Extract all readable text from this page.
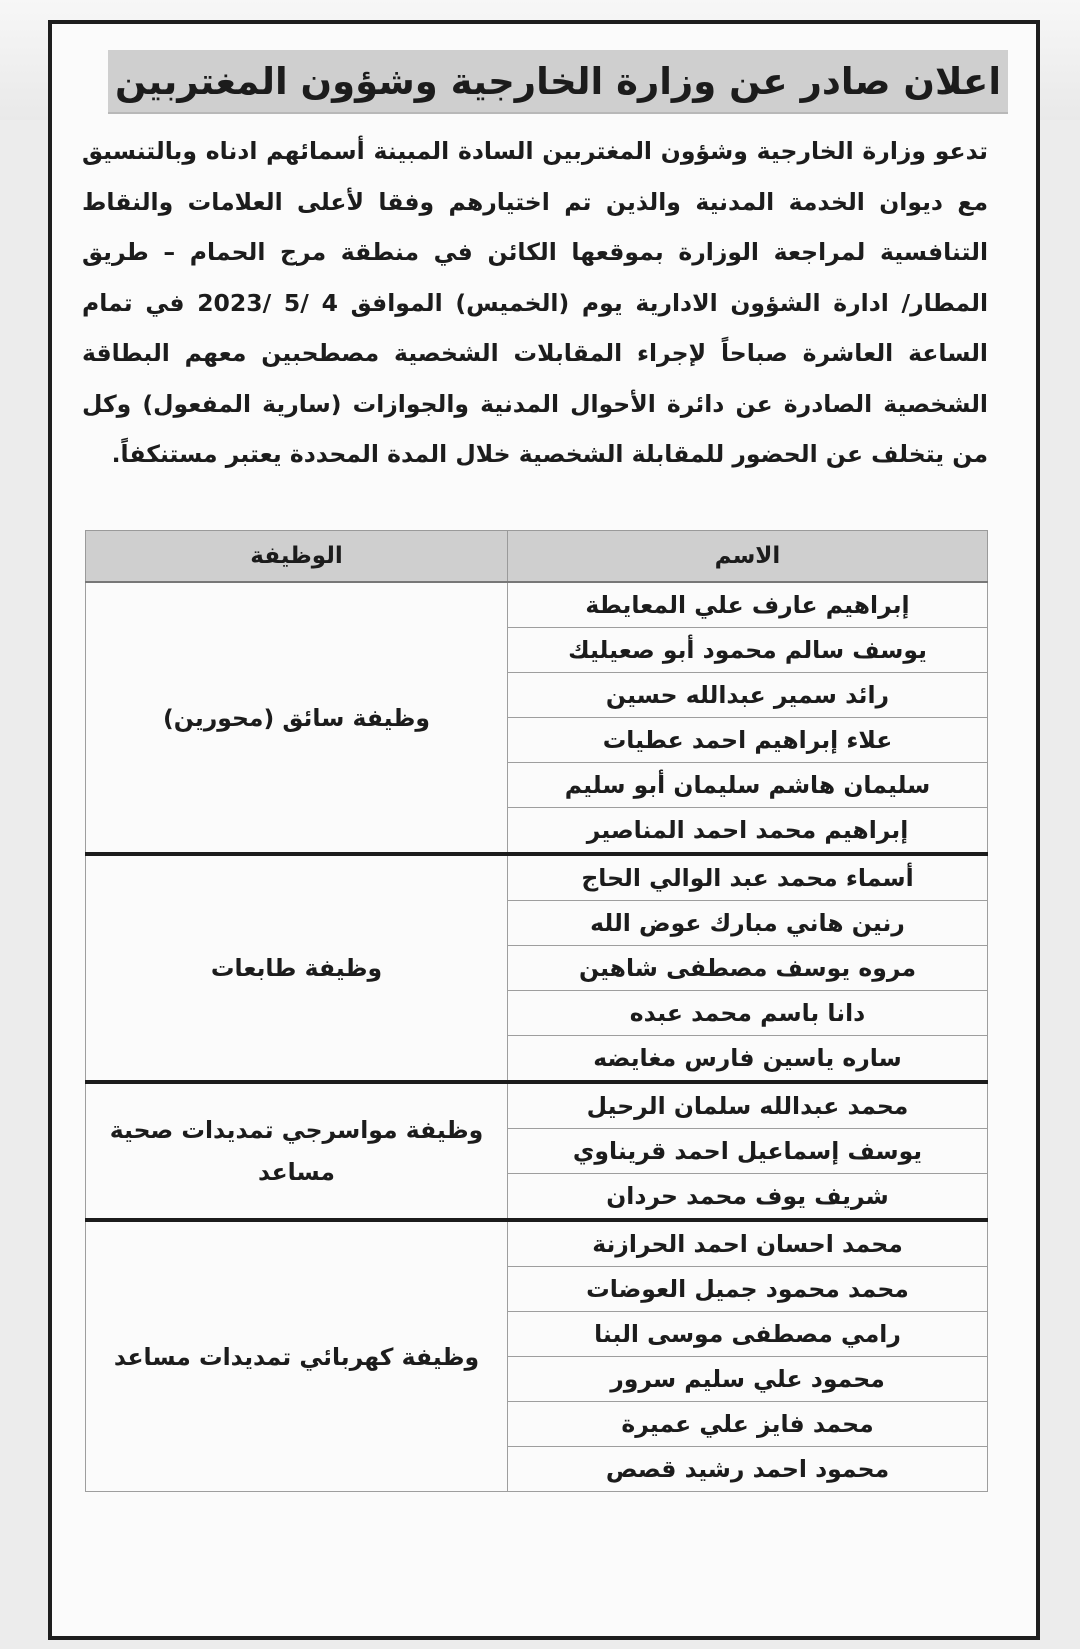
اعلان صادر عن وزارة الخارجية وشؤون المغتربين
تدعو وزارة الخارجية وشؤون المغتربين السادة المبينة أسمائهم ادناه وبالتنسيق مع ديوان الخدمة المدنية والذين تم اختيارهم وفقا لأعلى العلامات والنقاط التنافسية لمراجعة الوزارة بموقعها الكائن في منطقة مرج الحمام – طريق المطار/ ادارة الشؤون الادارية يوم (الخميس) الموافق 4 /5 /2023 في تمام الساعة العاشرة صباحاً لإجراء المقابلات الشخصية مصطحبين معهم البطاقة الشخصية الصادرة عن دائرة الأحوال المدنية والجوازات (سارية المفعول) وكل من يتخلف عن الحضور للمقابلة الشخصية خلال المدة المحددة يعتبر مستنكفاً.
الاسم	الوظيفة
إبراهيم عارف علي المعايطة	وظيفة سائق (محورين)
يوسف سالم محمود أبو صعيليك	
رائد سمير عبدالله حسين	
علاء إبراهيم احمد عطيات	
سليمان هاشم سليمان أبو سليم	
إبراهيم محمد احمد المناصير	
أسماء محمد عبد الوالي الحاج	وظيفة طابعات
رنين هاني مبارك عوض الله	
مروه يوسف مصطفى شاهين	
دانا باسم محمد عبده	
ساره ياسين فارس مغايضه	
محمد عبدالله سلمان الرحيل	وظيفة مواسرجي تمديدات صحية مساعد
يوسف إسماعيل احمد قريناوي	
شريف يوف محمد حردان	
محمد احسان احمد الحرازنة	وظيفة كهربائي تمديدات مساعد
محمد محمود جميل العوضات	
رامي مصطفى موسى البنا	
محمود علي سليم سرور	
محمد فايز علي عميرة	
محمود احمد رشيد قصص	
